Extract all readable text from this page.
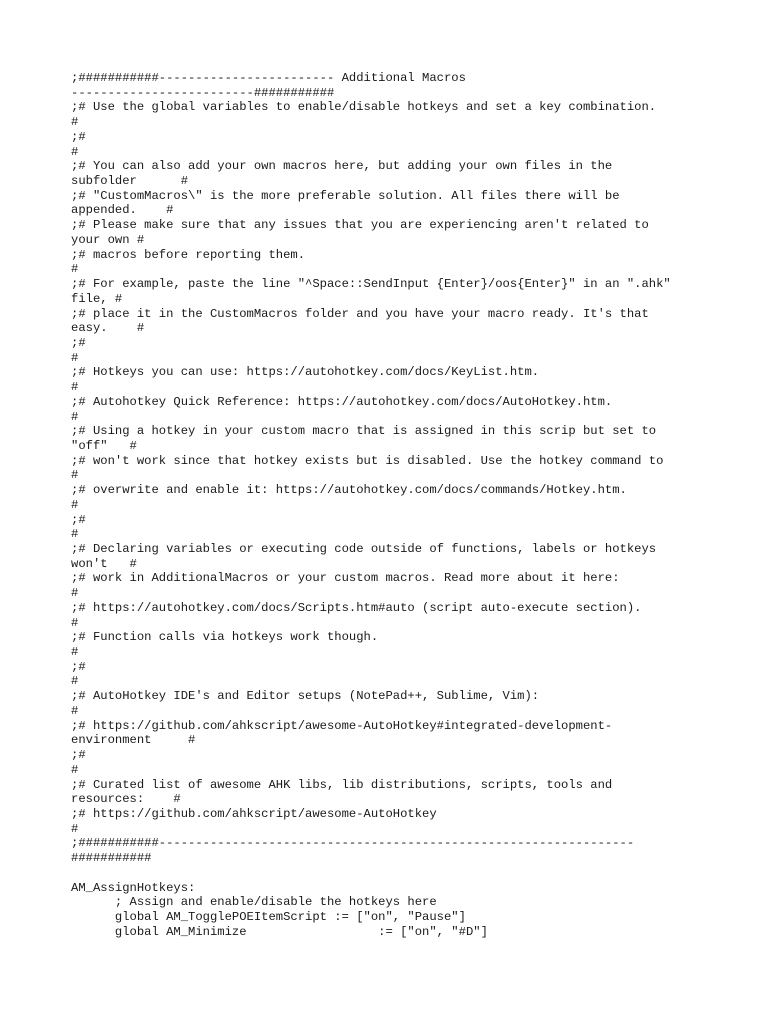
;###########------------------------ Additional Macros
-------------------------###########
;# Use the global variables to enable/disable hotkeys and set a key combination.
#
;#
#
;# You can also add your own macros here, but adding your own files in the
subfolder      #
;# "CustomMacros\" is the more preferable solution. All files there will be
appended.    #
;# Please make sure that any issues that you are experiencing aren't related to
your own #
;# macros before reporting them.
#
;# For example, paste the line "^Space::SendInput {Enter}/oos{Enter}" in an ".ahk"
file, #
;# place it in the CustomMacros folder and you have your macro ready. It's that
easy.    #
;#
#
;# Hotkeys you can use: https://autohotkey.com/docs/KeyList.htm.
#
;# Autohotkey Quick Reference: https://autohotkey.com/docs/AutoHotkey.htm.
#
;# Using a hotkey in your custom macro that is assigned in this scrip but set to
"off"   #
;# won't work since that hotkey exists but is disabled. Use the hotkey command to
#
;# overwrite and enable it: https://autohotkey.com/docs/commands/Hotkey.htm.
#
;#
#
;# Declaring variables or executing code outside of functions, labels or hotkeys
won't   #
;# work in AdditionalMacros or your custom macros. Read more about it here:
#
;# https://autohotkey.com/docs/Scripts.htm#auto (script auto-execute section).
#
;# Function calls via hotkeys work though.
#
;#
#
;# AutoHotkey IDE's and Editor setups (NotePad++, Sublime, Vim):
#
;# https://github.com/ahkscript/awesome-AutoHotkey#integrated-development-
environment     #
;#
#
;# Curated list of awesome AHK libs, lib distributions, scripts, tools and
resources:    #
;# https://github.com/ahkscript/awesome-AutoHotkey
#
;###########-----------------------------------------------------------------
###########
AM_AssignHotkeys:
; Assign and enable/disable the hotkeys here
global AM_TogglePOEItemScript := ["on", "Pause"]
global AM_Minimize                  := ["on", "#D"]
